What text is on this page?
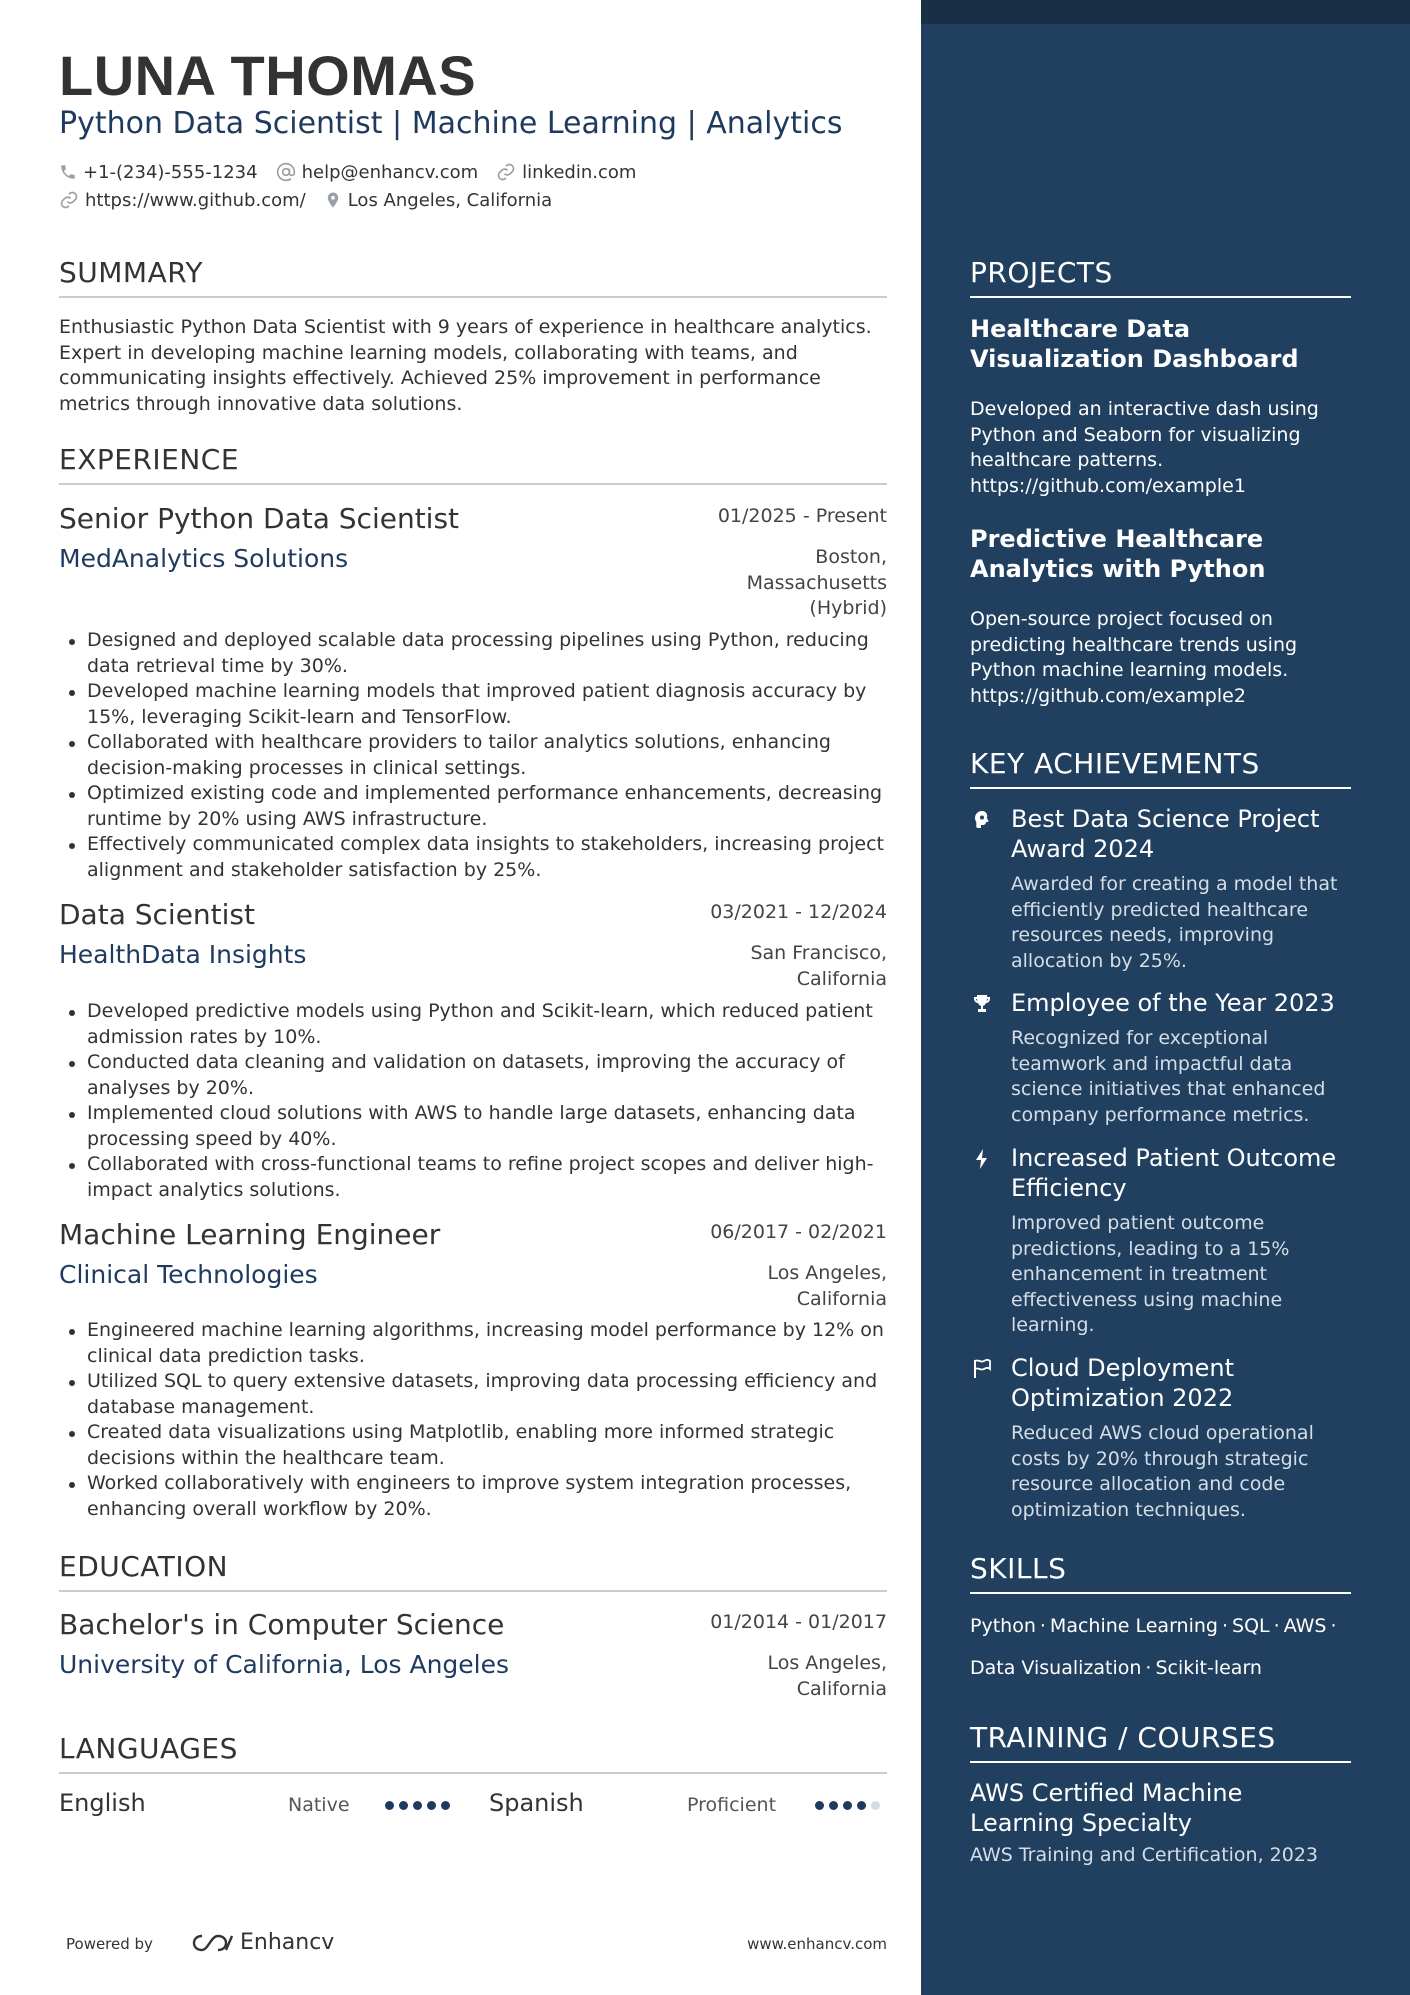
LUNA THOMAS
Python Data Scientist | Machine Learning | Analytics
+1-(234)-555-1234 help@enhancv.com linkedin.com
https://www.github.com/ Los Angeles, California
SUMMARY
Enthusiastic Python Data Scientist with 9 years of experience in healthcare analytics. Expert in developing machine learning models, collaborating with teams, and communicating insights effectively. Achieved 25% improvement in performance metrics through innovative data solutions.
EXPERIENCE
Senior Python Data Scientist	01/2025 - Present
MedAnalytics Solutions	Boston, Massachusetts (Hybrid)
Designed and deployed scalable data processing pipelines using Python, reducing data retrieval time by 30%.
Developed machine learning models that improved patient diagnosis accuracy by 15%, leveraging Scikit-learn and TensorFlow.
Collaborated with healthcare providers to tailor analytics solutions, enhancing decision-making processes in clinical settings.
Optimized existing code and implemented performance enhancements, decreasing runtime by 20% using AWS infrastructure.
Effectively communicated complex data insights to stakeholders, increasing project alignment and stakeholder satisfaction by 25%.
Data Scientist	03/2021 - 12/2024
HealthData Insights	San Francisco, California
Developed predictive models using Python and Scikit-learn, which reduced patient admission rates by 10%.
Conducted data cleaning and validation on datasets, improving the accuracy of analyses by 20%.
Implemented cloud solutions with AWS to handle large datasets, enhancing data processing speed by 40%.
Collaborated with cross-functional teams to refine project scopes and deliver high-impact analytics solutions.
Machine Learning Engineer	06/2017 - 02/2021
Clinical Technologies	Los Angeles, California
Engineered machine learning algorithms, increasing model performance by 12% on clinical data prediction tasks.
Utilized SQL to query extensive datasets, improving data processing efficiency and database management.
Created data visualizations using Matplotlib, enabling more informed strategic decisions within the healthcare team.
Worked collaboratively with engineers to improve system integration processes, enhancing overall workflow by 20%.
EDUCATION
Bachelor's in Computer Science	01/2014 - 01/2017
University of California, Los Angeles	Los Angeles, California
LANGUAGES
English	Native	Spanish	Proficient
Powered by	Enhancv	www.enhancv.com
PROJECTS
Healthcare Data Visualization Dashboard
Developed an interactive dash using Python and Seaborn for visualizing healthcare patterns.
https://github.com/example1
Predictive Healthcare Analytics with Python
Open-source project focused on predicting healthcare trends using Python machine learning models.
https://github.com/example2
KEY ACHIEVEMENTS
Best Data Science Project Award 2024
Awarded for creating a model that efficiently predicted healthcare resources needs, improving allocation by 25%.
Employee of the Year 2023
Recognized for exceptional teamwork and impactful data science initiatives that enhanced company performance metrics.
Increased Patient Outcome Efficiency
Improved patient outcome predictions, leading to a 15% enhancement in treatment effectiveness using machine learning.
Cloud Deployment Optimization 2022
Reduced AWS cloud operational costs by 20% through strategic resource allocation and code optimization techniques.
SKILLS
Python · Machine Learning · SQL · AWS ·
Data Visualization · Scikit-learn
TRAINING / COURSES
AWS Certified Machine Learning Specialty
AWS Training and Certification, 2023
